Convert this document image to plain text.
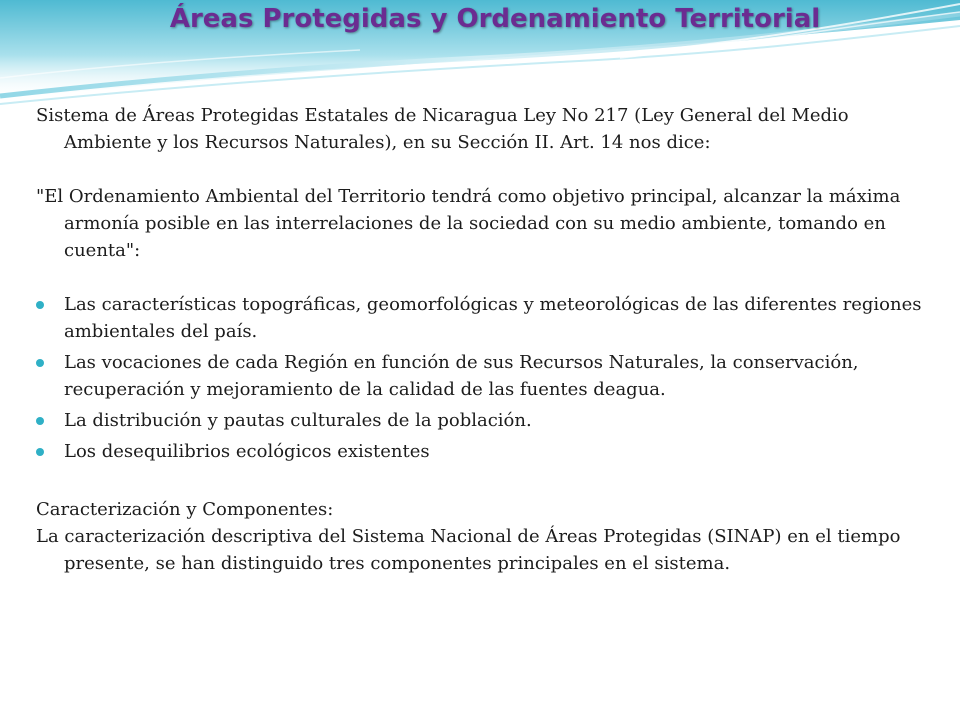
Áreas Protegidas y Ordenamiento Territorial

Sistema de Áreas Protegidas Estatales de Nicaragua Ley No 217 (Ley General del Medio Ambiente y los Recursos Naturales), en su Sección II. Art. 14 nos dice:

"El Ordenamiento Ambiental del Territorio tendrá como objetivo principal, alcanzar la máxima armonía posible en las interrelaciones de la sociedad con su medio ambiente, tomando en cuenta":

Las características topográficas, geomorfológicas y meteorológicas de las diferentes regiones ambientales del país.
Las vocaciones de cada Región en función de sus Recursos Naturales, la conservación, recuperación y mejoramiento de la calidad de las fuentes deagua.
La distribución y pautas culturales de la población.
Los desequilibrios ecológicos existentes

Caracterización y Componentes:

La caracterización descriptiva del Sistema Nacional de Áreas Protegidas (SINAP) en el tiempo presente, se han distinguido tres componentes principales en el sistema.
